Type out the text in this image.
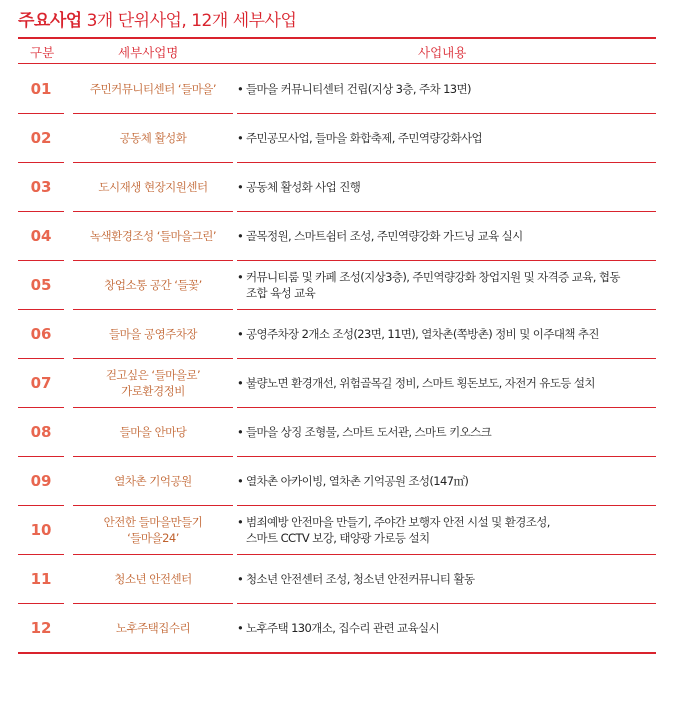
주요사업 3개 단위사업, 12개 세부사업
구분	세부사업명	사업내용
01	주민커뮤니티센터 ‘들마을’	• 들마을 커뮤니티센터 건립(지상 3층, 주차 13면)
02	공동체 활성화	• 주민공모사업, 들마을 화합축제, 주민역량강화사업
03	도시재생 현장지원센터	• 공동체 활성화 사업 진행
04	녹색환경조성 ‘들마을그린’	• 골목정원, 스마트쉼터 조성, 주민역량강화 가드닝 교육 실시
05	창업소통 공간 ‘들꽃’
• 커뮤니티룸 및 카페 조성(지상3층), 주민역량강화 창업지원 및 자격증 교육, 협동
조합 육성 교육
06	들마을 공영주차장	• 공영주차장 2개소 조성(23면, 11면), 열차촌(쪽방촌) 정비 및 이주대책 추진
07	걷고싶은 ‘들마을로’
가로환경정비
• 불량노면 환경개선, 위험골목길 정비, 스마트 횡돈보도, 자전거 유도등 설치
08	들마을 안마당	• 들마을 상징 조형물, 스마트 도서관, 스마트 키오스크
09	열차촌 기억공원	• 열차촌 아카이빙, 열차촌 기억공원 조성(147㎡)
10	안전한 들마을만들기
‘들마을24’
• 범죄예방 안전마을 만들기, 주야간 보행자 안전 시설 및 환경조성,
스마트 CCTV 보강, 태양광 가로등 설치
11	청소년 안전센터	• 청소년 안전센터 조성, 청소년 안전커뮤니티 활동
12	노후주택집수리	• 노후주택 130개소, 집수리 관련 교육실시
